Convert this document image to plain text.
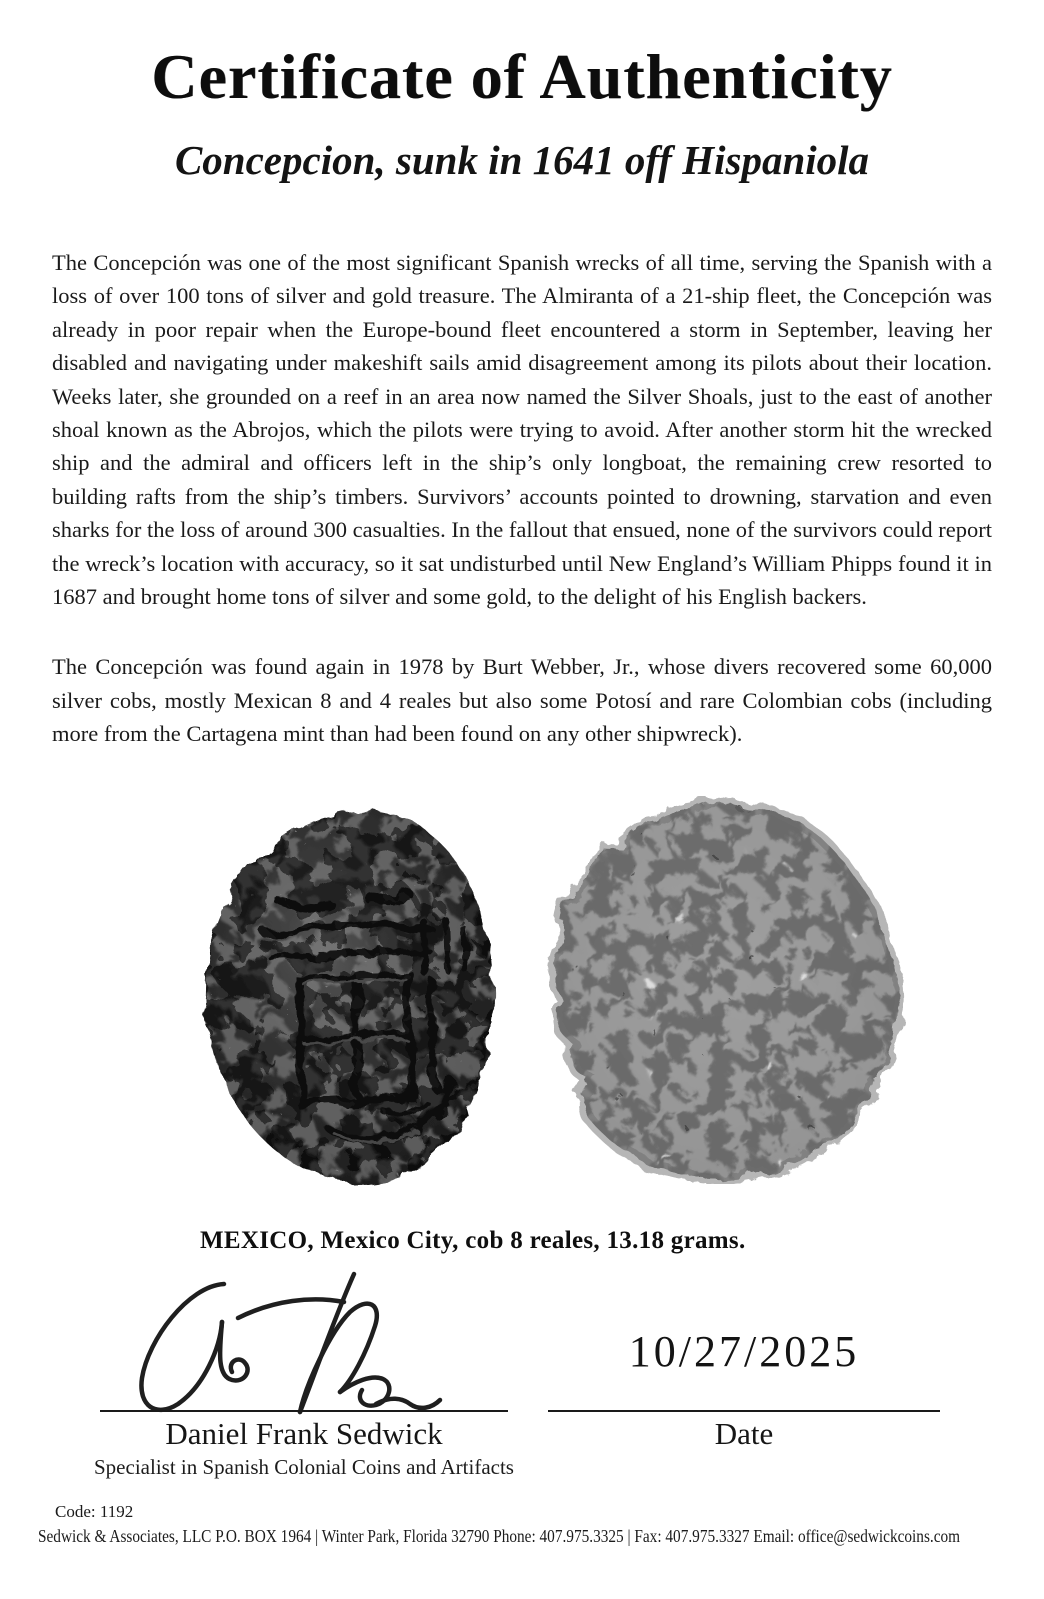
Certificate of Authenticity
Concepcion, sunk in 1641 off Hispaniola

The Concepción was one of the most significant Spanish wrecks of all time, serving the Spanish with a loss of over 100 tons of silver and gold treasure. The Almiranta of a 21-ship fleet, the Concepción was already in poor repair when the Europe-bound fleet encountered a storm in September, leaving her disabled and navigating under makeshift sails amid disagreement among its pilots about their location. Weeks later, she grounded on a reef in an area now named the Silver Shoals, just to the east of another shoal known as the Abrojos, which the pilots were trying to avoid. After another storm hit the wrecked ship and the admiral and officers left in the ship’s only longboat, the remaining crew resorted to building rafts from the ship’s timbers. Survivors’ accounts pointed to drowning, starvation and even sharks for the loss of around 300 casualties. In the fallout that ensued, none of the survivors could report the wreck’s location with accuracy, so it sat undisturbed until New England’s William Phipps found it in 1687 and brought home tons of silver and some gold, to the delight of his English backers.

The Concepción was found again in 1978 by Burt Webber, Jr., whose divers recovered some 60,000 silver cobs, mostly Mexican 8 and 4 reales but also some Potosí and rare Colombian cobs (including more from the Cartagena mint than had been found on any other shipwreck).

MEXICO, Mexico City, cob 8 reales, 13.18 grams.
Daniel Frank Sedwick
Specialist in Spanish Colonial Coins and Artifacts
10/27/2025
Date
Code: 1192
Sedwick & Associates, LLC P.O. BOX 1964 | Winter Park, Florida 32790 Phone: 407.975.3325 | Fax: 407.975.3327 Email: office@sedwickcoins.com
